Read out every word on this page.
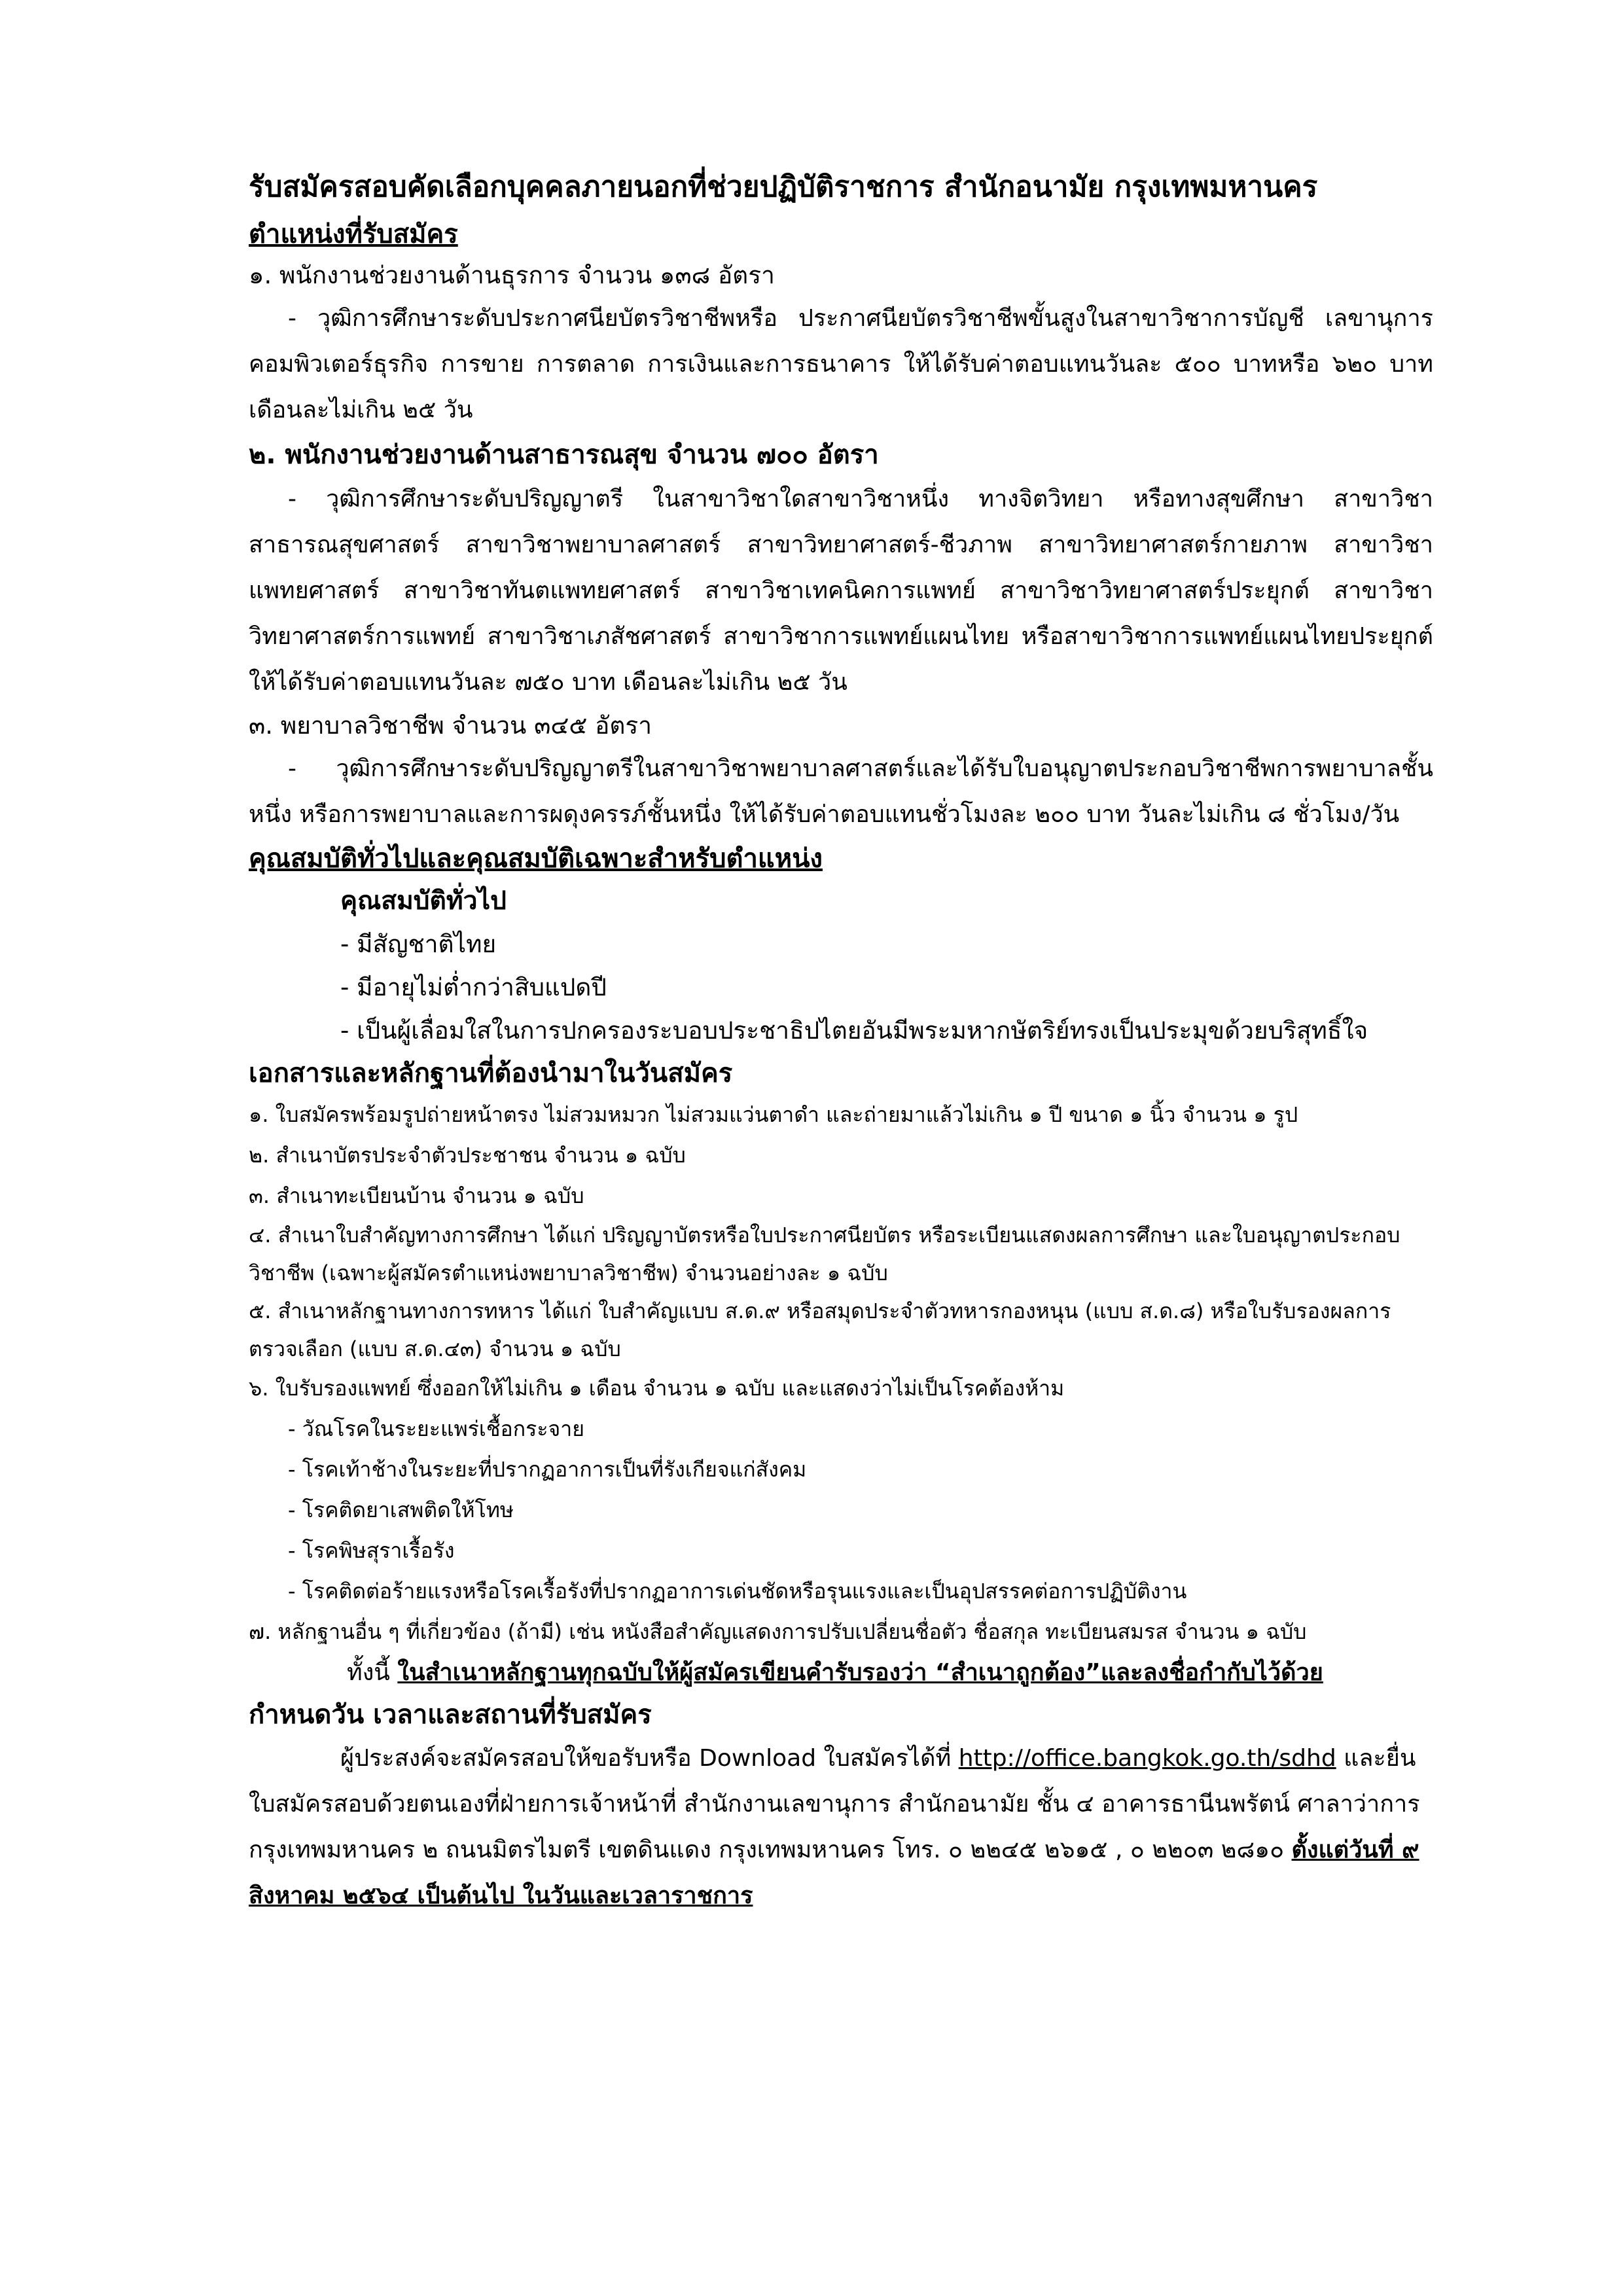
รับสมัครสอบคัดเลือกบุคคลภายนอกที่ช่วยปฏิบัติราชการ สำนักอนามัย กรุงเทพมหานคร
ตำแหน่งที่รับสมัคร

๑. พนักงานช่วยงานด้านธุรการ จำนวน ๑๓๘ อัตรา

- วุฒิการศึกษาระดับประกาศนียบัตรวิชาชีพหรือ ประกาศนียบัตรวิชาชีพขั้นสูงในสาขาวิชาการบัญชี เลขานุการ คอมพิวเตอร์ธุรกิจ การขาย การตลาด การเงินและการธนาคาร ให้ได้รับค่าตอบแทนวันละ ๕๐๐ บาทหรือ ๖๒๐ บาท เดือนละไม่เกิน ๒๕ วัน

๒. พนักงานช่วยงานด้านสาธารณสุข จำนวน ๗๐๐ อัตรา

- วุฒิการศึกษาระดับปริญญาตรี ในสาขาวิชาใดสาขาวิชาหนึ่ง ทางจิตวิทยา หรือทางสุขศึกษา สาขาวิชาสาธารณสุขศาสตร์ สาขาวิชาพยาบาลศาสตร์ สาขาวิทยาศาสตร์-ชีวภาพ สาขาวิทยาศาสตร์กายภาพ สาขาวิชาแพทยศาสตร์ สาขาวิชาทันตแพทยศาสตร์ สาขาวิชาเทคนิคการแพทย์ สาขาวิชาวิทยาศาสตร์ประยุกต์ สาขาวิชาวิทยาศาสตร์การแพทย์ สาขาวิชาเภสัชศาสตร์ สาขาวิชาการแพทย์แผนไทย หรือสาขาวิชาการแพทย์แผนไทยประยุกต์ ให้ได้รับค่าตอบแทนวันละ ๗๕๐ บาท เดือนละไม่เกิน ๒๕ วัน

๓. พยาบาลวิชาชีพ จำนวน ๓๔๕ อัตรา

- วุฒิการศึกษาระดับปริญญาตรีในสาขาวิชาพยาบาลศาสตร์และได้รับใบอนุญาตประกอบวิชาชีพการพยาบาลชั้นหนึ่ง หรือการพยาบาลและการผดุงครรภ์ชั้นหนึ่ง ให้ได้รับค่าตอบแทนชั่วโมงละ ๒๐๐ บาท วันละไม่เกิน ๘ ชั่วโมง/วัน

คุณสมบัติทั่วไปและคุณสมบัติเฉพาะสำหรับตำแหน่ง

คุณสมบัติทั่วไป

- มีสัญชาติไทย

- มีอายุไม่ต่ำกว่าสิบแปดปี

- เป็นผู้เลื่อมใสในการปกครองระบอบประชาธิปไตยอันมีพระมหากษัตริย์ทรงเป็นประมุขด้วยบริสุทธิ์ใจ

เอกสารและหลักฐานที่ต้องนำมาในวันสมัคร

๑. ใบสมัครพร้อมรูปถ่ายหน้าตรง ไม่สวมหมวก ไม่สวมแว่นตาดำ และถ่ายมาแล้วไม่เกิน ๑ ปี ขนาด ๑ นิ้ว จำนวน ๑ รูป

๒. สำเนาบัตรประจำตัวประชาชน จำนวน ๑ ฉบับ

๓. สำเนาทะเบียนบ้าน จำนวน ๑ ฉบับ

๔. สำเนาใบสำคัญทางการศึกษา ได้แก่ ปริญญาบัตรหรือใบประกาศนียบัตร หรือระเบียนแสดงผลการศึกษา และใบอนุญาตประกอบวิชาชีพ (เฉพาะผู้สมัครตำแหน่งพยาบาลวิชาชีพ) จำนวนอย่างละ ๑ ฉบับ

๕. สำเนาหลักฐานทางการทหาร ได้แก่ ใบสำคัญแบบ ส.ด.๙ หรือสมุดประจำตัวทหารกองหนุน (แบบ ส.ด.๘) หรือใบรับรองผลการตรวจเลือก (แบบ ส.ด.๔๓) จำนวน ๑ ฉบับ

๖. ใบรับรองแพทย์ ซึ่งออกให้ไม่เกิน ๑ เดือน จำนวน ๑ ฉบับ และแสดงว่าไม่เป็นโรคต้องห้าม

- วัณโรคในระยะแพร่เชื้อกระจาย

- โรคเท้าช้างในระยะที่ปรากฏอาการเป็นที่รังเกียจแก่สังคม

- โรคติดยาเสพติดให้โทษ

- โรคพิษสุราเรื้อรัง

- โรคติดต่อร้ายแรงหรือโรคเรื้อรังที่ปรากฏอาการเด่นชัดหรือรุนแรงและเป็นอุปสรรคต่อการปฏิบัติงาน

๗. หลักฐานอื่น ๆ ที่เกี่ยวข้อง (ถ้ามี) เช่น หนังสือสำคัญแสดงการปรับเปลี่ยนชื่อตัว ชื่อสกุล ทะเบียนสมรส จำนวน ๑ ฉบับ

ทั้งนี้ ในสำเนาหลักฐานทุกฉบับให้ผู้สมัครเขียนคำรับรองว่า “สำเนาถูกต้อง”และลงชื่อกำกับไว้ด้วย

กำหนดวัน เวลาและสถานที่รับสมัคร

ผู้ประสงค์จะสมัครสอบให้ขอรับหรือ Download ใบสมัครได้ที่ http://office.bangkok.go.th/sdhd และยื่นใบสมัครสอบด้วยตนเองที่ฝ่ายการเจ้าหน้าที่ สำนักงานเลขานุการ สำนักอนามัย ชั้น ๔ อาคารธานีนพรัตน์ ศาลาว่าการกรุงเทพมหานคร ๒ ถนนมิตรไมตรี เขตดินแดง กรุงเทพมหานคร โทร. ๐ ๒๒๔๕ ๒๖๑๕ , ๐ ๒๒๐๓ ๒๘๑๐ ตั้งแต่วันที่ ๙ สิงหาคม ๒๕๖๔ เป็นต้นไป ในวันและเวลาราชการ
